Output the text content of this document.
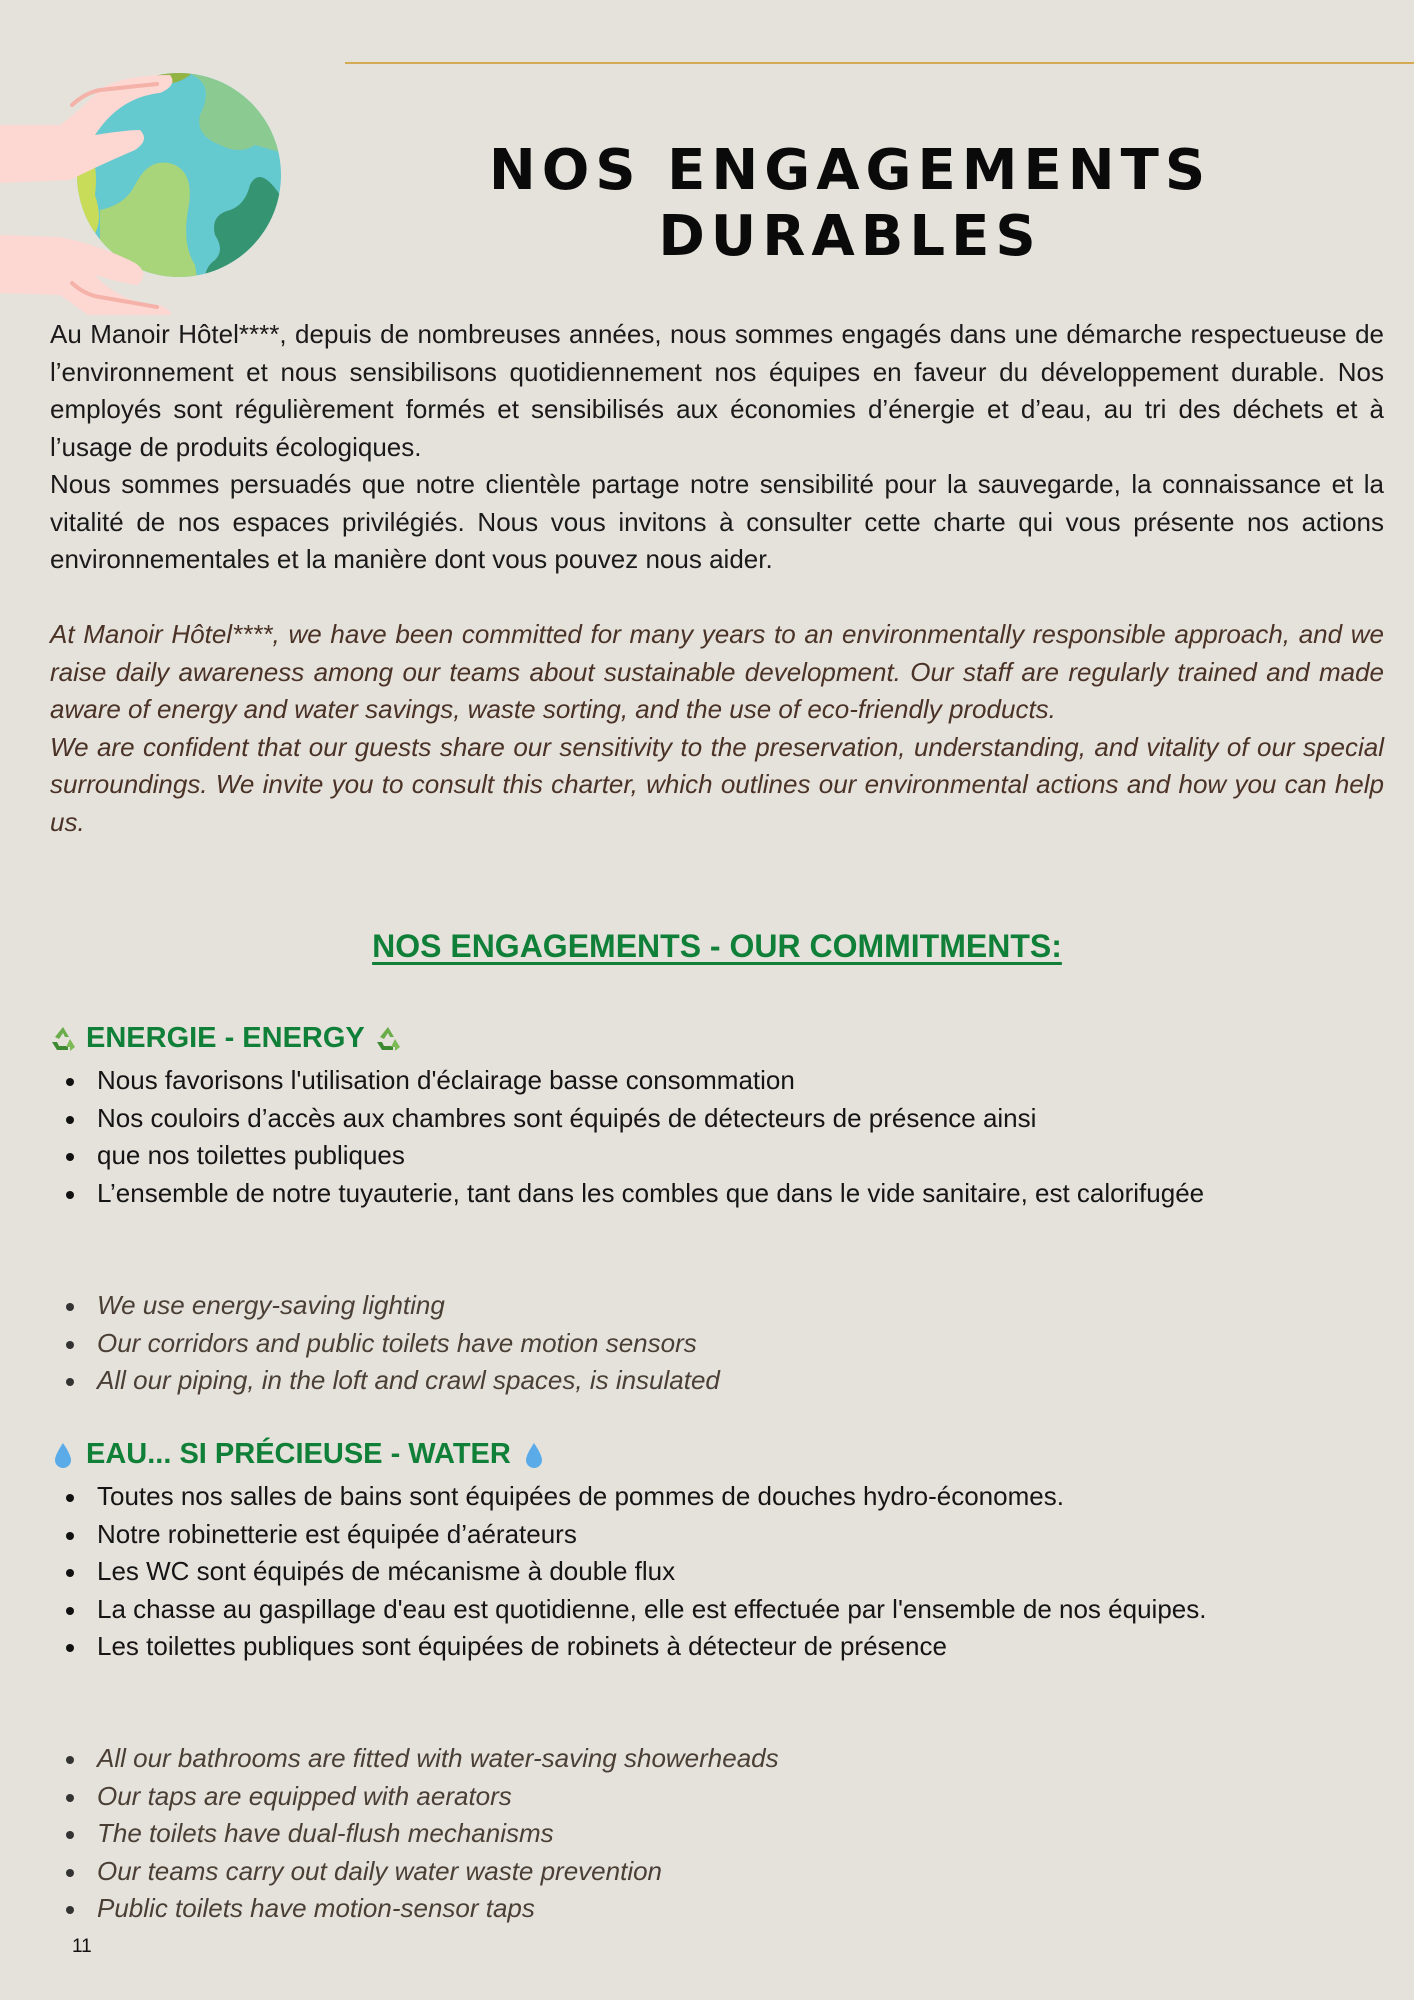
NOS ENGAGEMENTS
DURABLES

Au Manoir Hôtel****, depuis de nombreuses années, nous sommes engagés dans une démarche respectueuse de l’environnement et nous sensibilisons quotidiennement nos équipes en faveur du développement durable. Nos employés sont régulièrement formés et sensibilisés aux économies d’énergie et d’eau, au tri des déchets et à l’usage de produits écologiques.

Nous sommes persuadés que notre clientèle partage notre sensibilité pour la sauvegarde, la connaissance et la vitalité de nos espaces privilégiés. Nous vous invitons à consulter cette charte qui vous présente nos actions environnementales et la manière dont vous pouvez nous aider.

At Manoir Hôtel****, we have been committed for many years to an environmentally responsible approach, and we raise daily awareness among our teams about sustainable development. Our staff are regularly trained and made aware of energy and water savings, waste sorting, and the use of eco-friendly products.

We are confident that our guests share our sensitivity to the preservation, understanding, and vitality of our special surroundings. We invite you to consult this charter, which outlines our environmental actions and how you can help us.

NOS ENGAGEMENTS - OUR COMMITMENTS:
ENERGIE - ENERGY
Nous favorisons l'utilisation d'éclairage basse consommation
Nos couloirs d’accès aux chambres sont équipés de détecteurs de présence ainsi
que nos toilettes publiques
L’ensemble de notre tuyauterie, tant dans les combles que dans le vide sanitaire, est calorifugée
We use energy-saving lighting
Our corridors and public toilets have motion sensors
All our piping, in the loft and crawl spaces, is insulated
EAU... SI PRÉCIEUSE - WATER
Toutes nos salles de bains sont équipées de pommes de douches hydro-économes.
Notre robinetterie est équipée d’aérateurs
Les WC sont équipés de mécanisme à double flux
La chasse au gaspillage d'eau est quotidienne, elle est effectuée par l'ensemble de nos équipes.
Les toilettes publiques sont équipées de robinets à détecteur de présence
All our bathrooms are fitted with water-saving showerheads
Our taps are equipped with aerators
The toilets have dual-flush mechanisms
Our teams carry out daily water waste prevention
Public toilets have motion-sensor taps
11
